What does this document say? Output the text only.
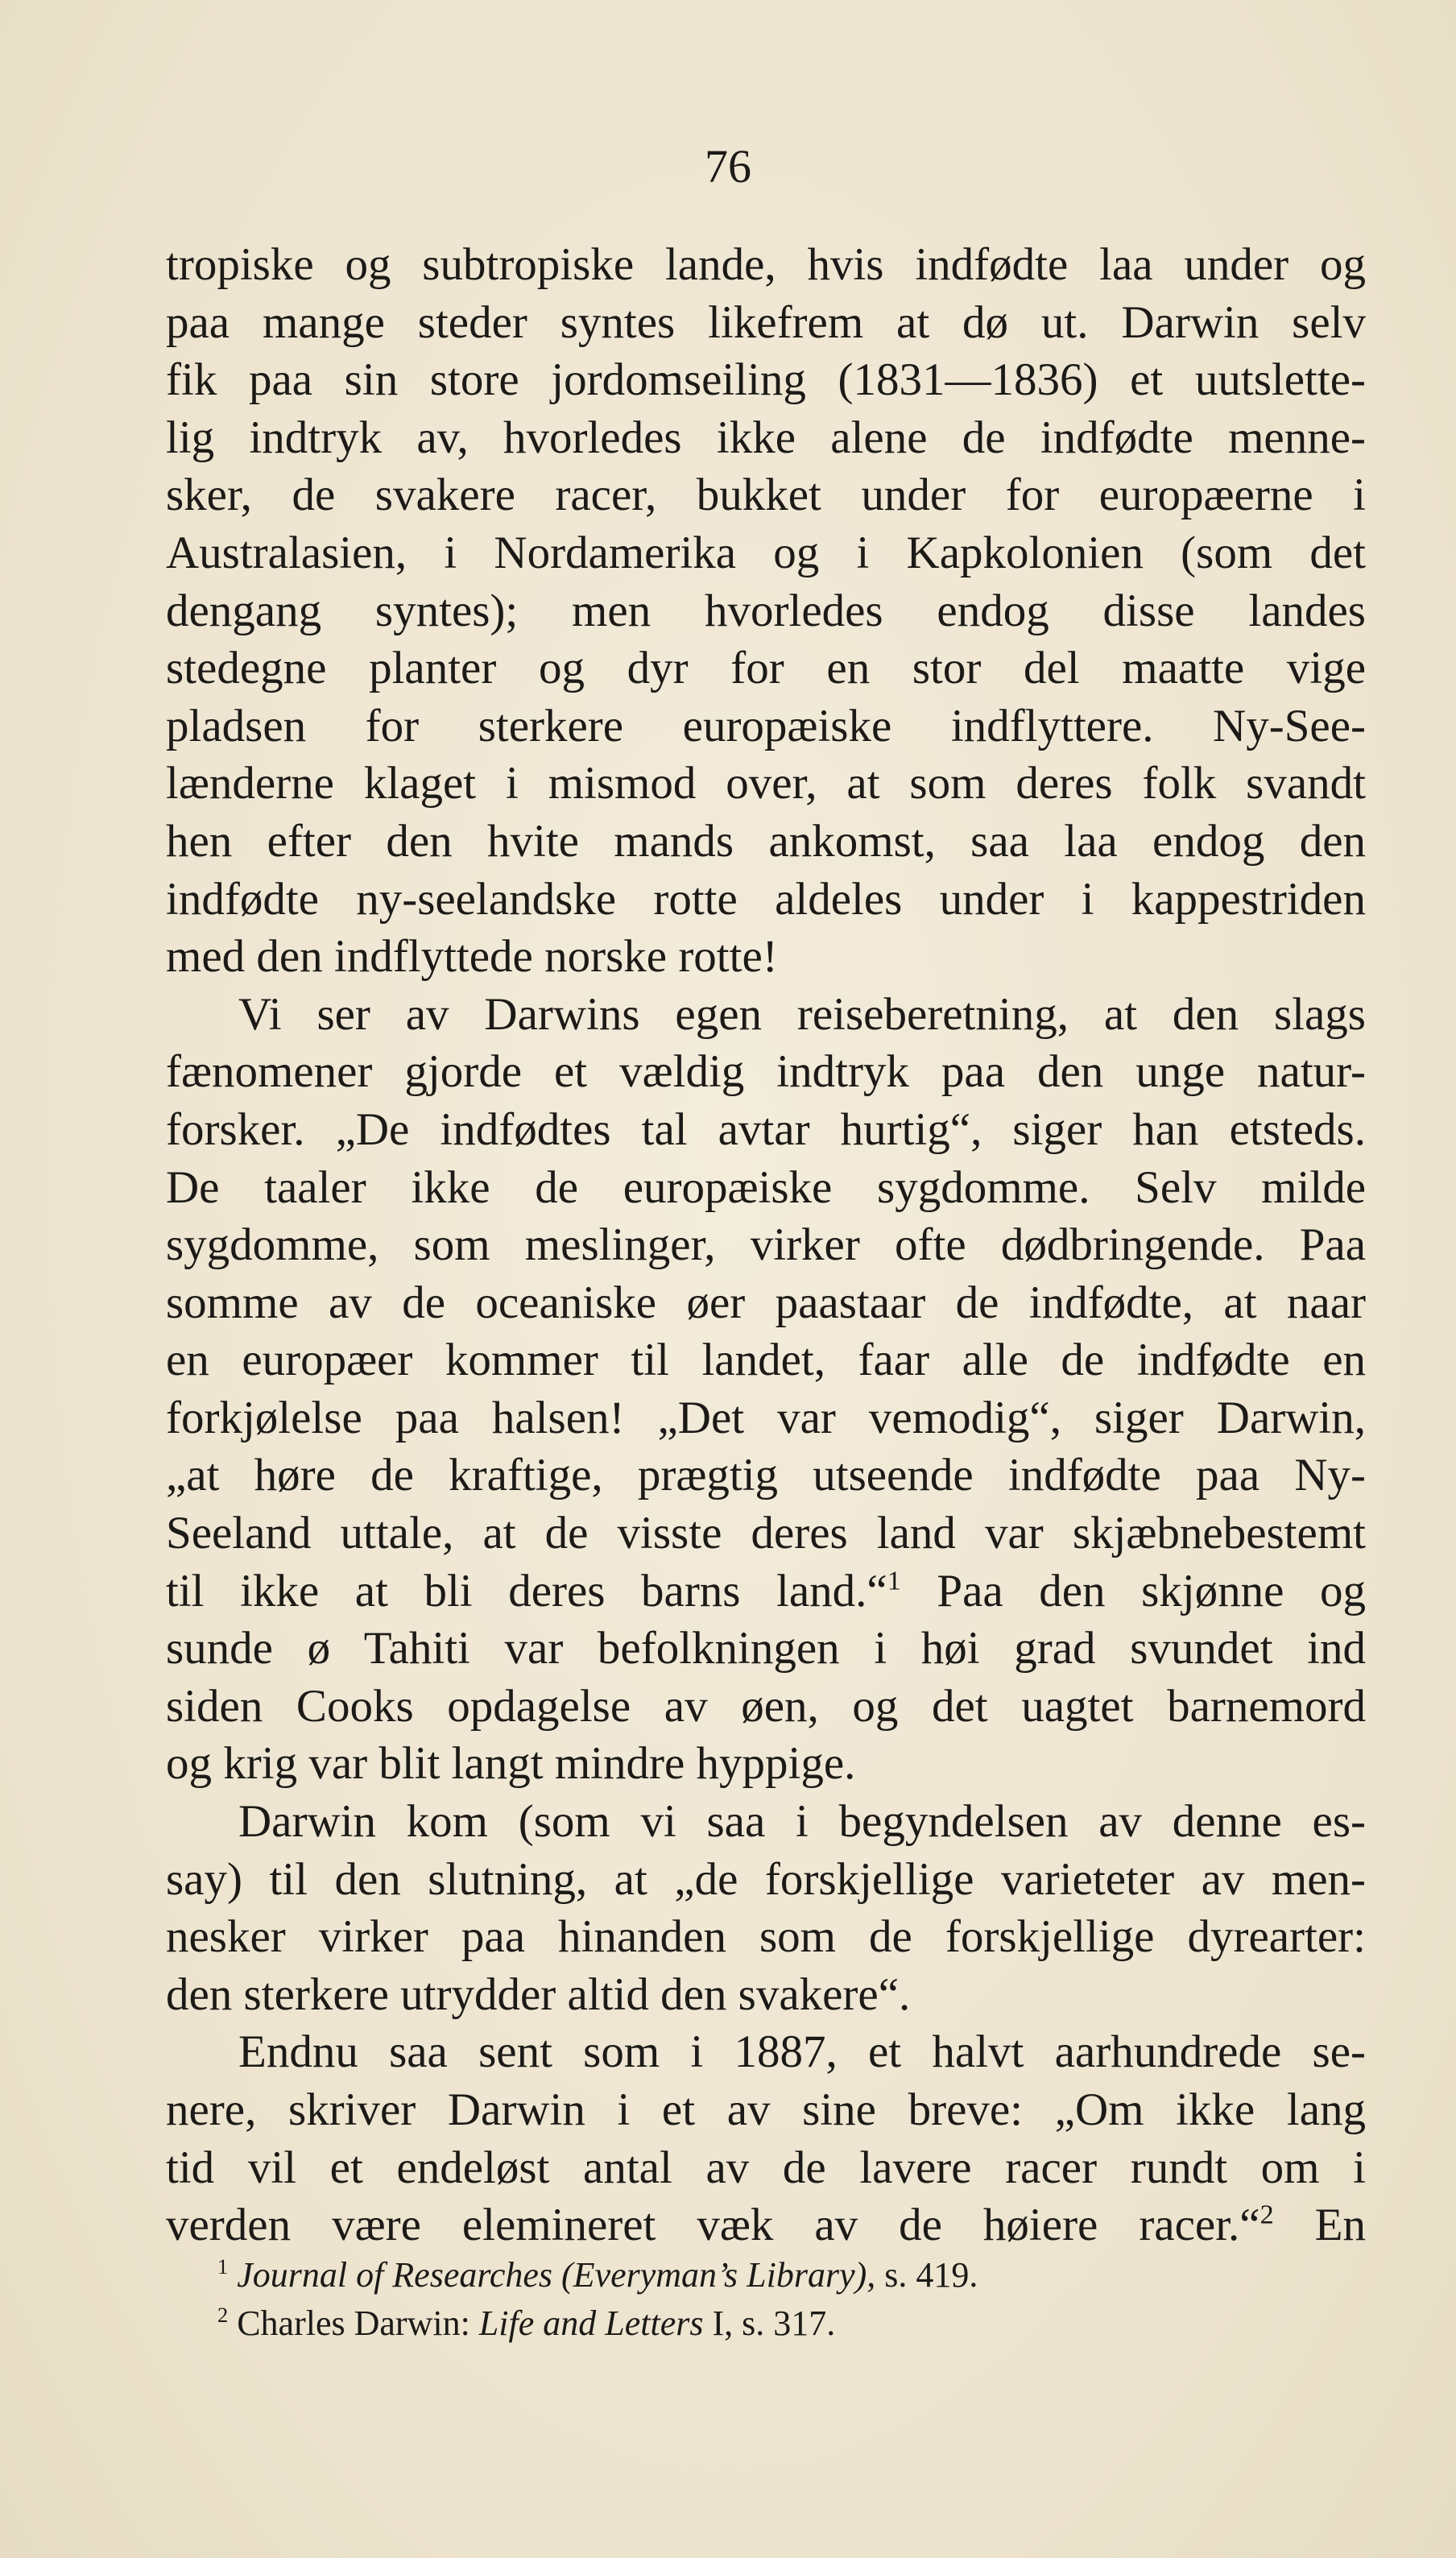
76
tropiske og subtropiske lande, hvis indfødte laa under og
paa mange steder syntes likefrem at dø ut. Darwin selv
fik paa sin store jordomseiling (1831—1836) et uutslette-
lig indtryk av, hvorledes ikke alene de indfødte menne-
sker, de svakere racer, bukket under for europæerne i
Australasien, i Nordamerika og i Kapkolonien (som det
dengang syntes); men hvorledes endog disse landes
stedegne planter og dyr for en stor del maatte vige
pladsen for sterkere europæiske indflyttere. Ny-See-
lænderne klaget i mismod over, at som deres folk svandt
hen efter den hvite mands ankomst, saa laa endog den
indfødte ny-seelandske rotte aldeles under i kappestriden
med den indflyttede norske rotte!
Vi ser av Darwins egen reiseberetning, at den slags
fænomener gjorde et vældig indtryk paa den unge natur-
forsker. „De indfødtes tal avtar hurtig“, siger han etsteds.
De taaler ikke de europæiske sygdomme. Selv milde
sygdomme, som meslinger, virker ofte dødbringende. Paa
somme av de oceaniske øer paastaar de indfødte, at naar
en europæer kommer til landet, faar alle de indfødte en
forkjølelse paa halsen! „Det var vemodig“, siger Darwin,
„at høre de kraftige, prægtig utseende indfødte paa Ny-
Seeland uttale, at de visste deres land var skjæbnebestemt
til ikke at bli deres barns land.“$^1$ Paa den skjønne og
sunde ø Tahiti var befolkningen i høi grad svundet ind
siden Cooks opdagelse av øen, og det uagtet barnemord
og krig var blit langt mindre hyppige.
Darwin kom (som vi saa i begyndelsen av denne es-
say) til den slutning, at „de forskjellige varieteter av men-
nesker virker paa hinanden som de forskjellige dyrearter:
den sterkere utrydder altid den svakere“.
Endnu saa sent som i 1887, et halvt aarhundrede se-
nere, skriver Darwin i et av sine breve: „Om ikke lang
tid vil et endeløst antal av de lavere racer rundt om i
verden være elemineret væk av de høiere racer.“$^2$ En
$^1$ Journal of Researches (Everyman’s Library), s. 419.
$^2$ Charles Darwin: Life and Letters I, s. 317.
